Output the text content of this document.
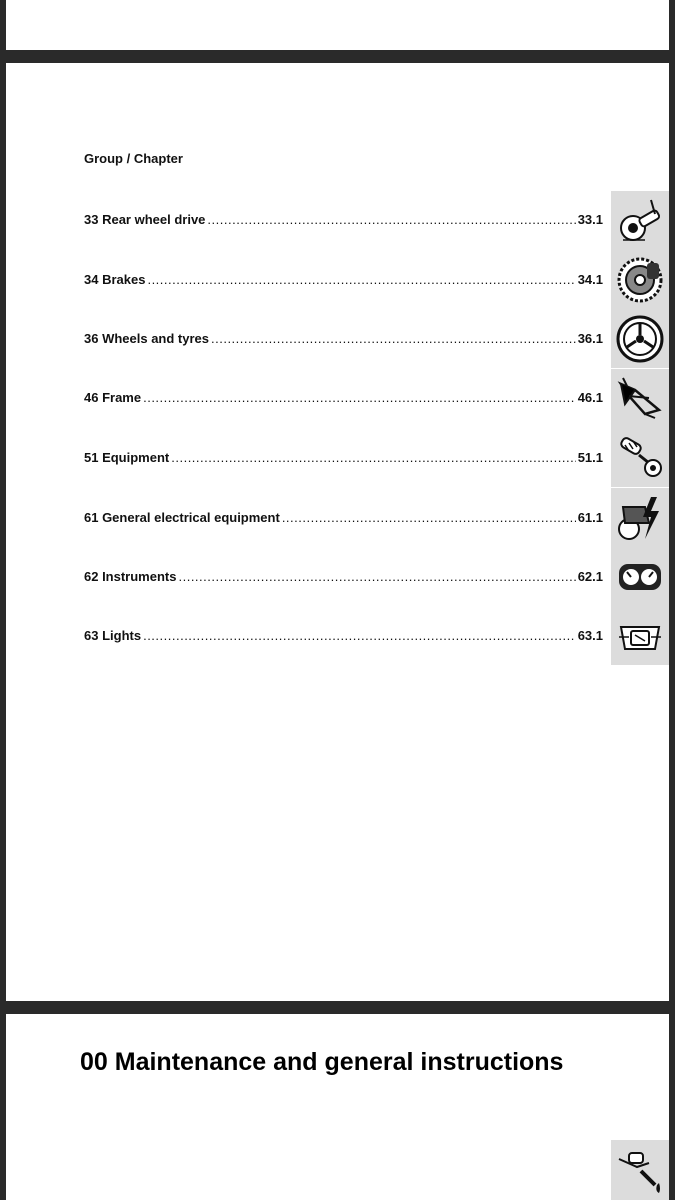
Group / Chapter
33 Rear wheel drive .....	33.1
34 Brakes .....	34.1
36 Wheels and tyres .....	36.1
46 Frame .....	46.1
51 Equipment .....	51.1
61 General electrical equipment .....	61.1
62 Instruments .....	62.1
63 Lights .....	63.1
00 Maintenance and general instructions
